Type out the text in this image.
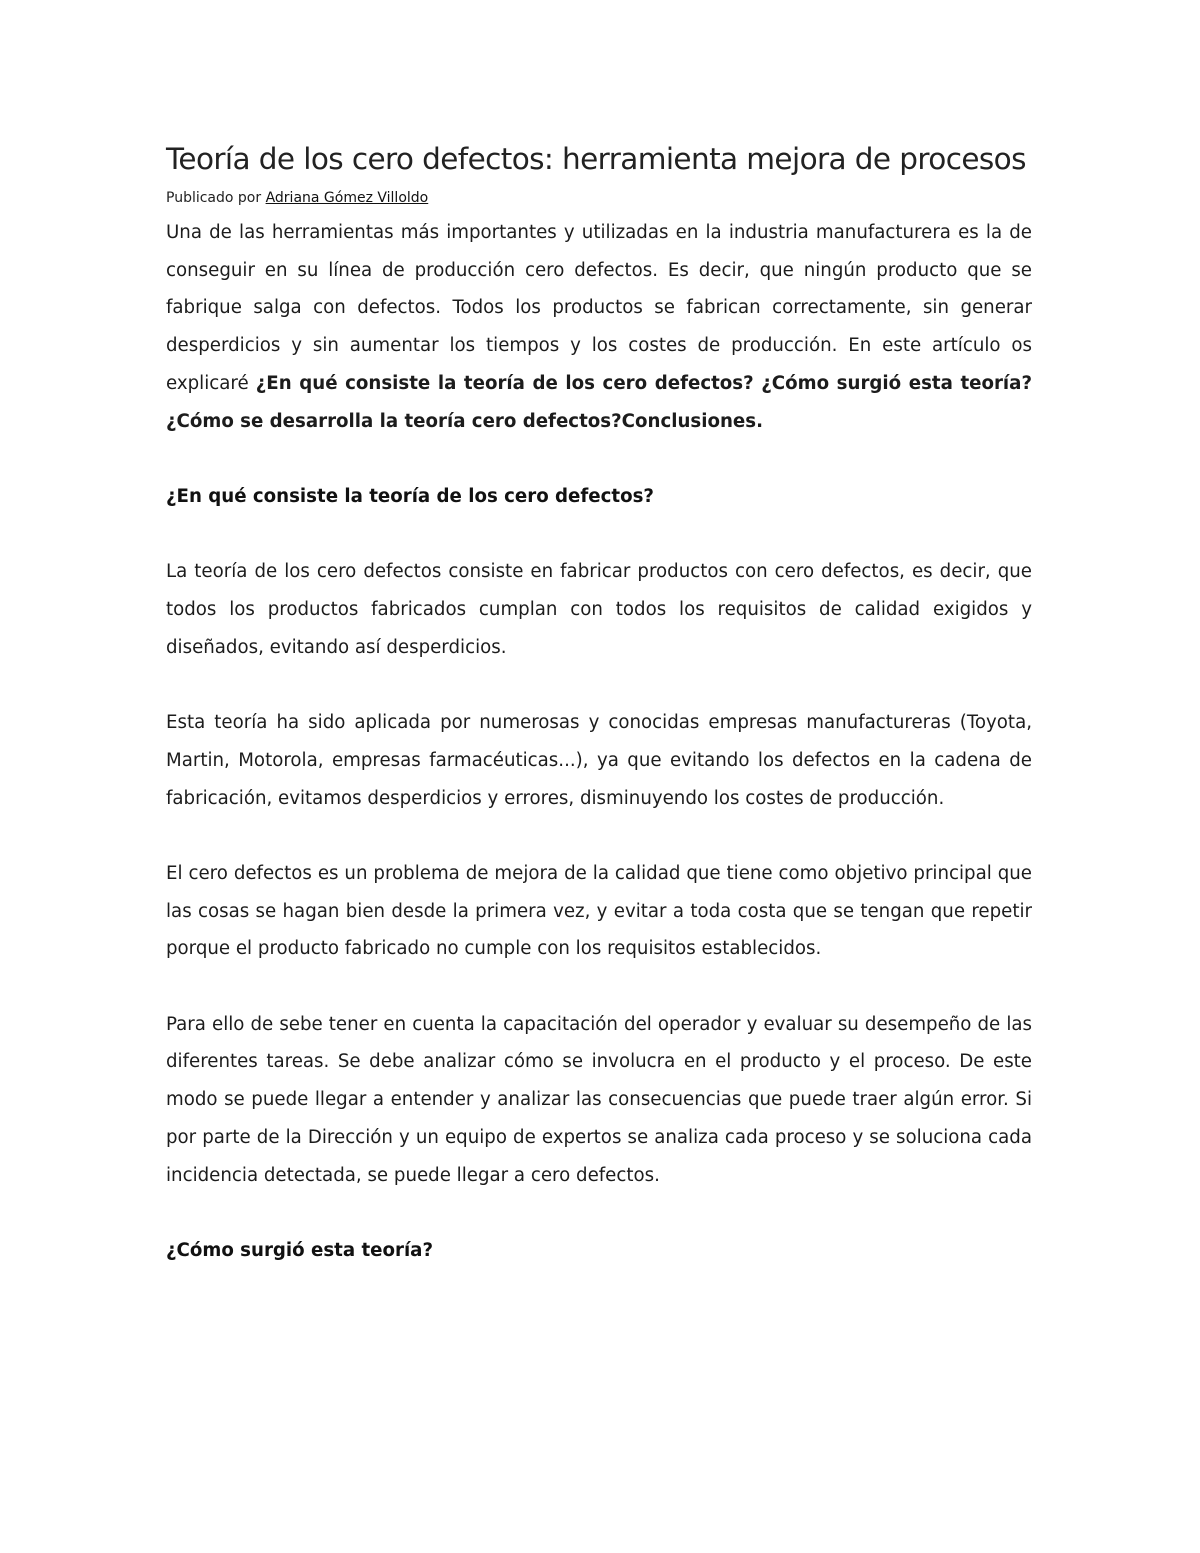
Teoría de los cero defectos: herramienta mejora de procesos
Publicado por Adriana Gómez Villoldo

Una de las herramientas más importantes y utilizadas en la industria manufacturera es la de conseguir en su línea de producción cero defectos. Es decir, que ningún producto que se fabrique salga con defectos. Todos los productos se fabrican correctamente, sin generar desperdicios y sin aumentar los tiempos y los costes de producción. En este artículo os explicaré ¿En qué consiste la teoría de los cero defectos? ¿Cómo surgió esta teoría? ¿Cómo se desarrolla la teoría cero defectos?Conclusiones.

¿En qué consiste la teoría de los cero defectos?

La teoría de los cero defectos consiste en fabricar productos con cero defectos, es decir, que todos los productos fabricados cumplan con todos los requisitos de calidad exigidos y diseñados, evitando así desperdicios.

Esta teoría ha sido aplicada por numerosas y conocidas empresas manufactureras (Toyota, Martin, Motorola, empresas farmacéuticas...), ya que evitando los defectos en la cadena de fabricación, evitamos desperdicios y errores, disminuyendo los costes de producción.

El cero defectos es un problema de mejora de la calidad que tiene como objetivo principal que las cosas se hagan bien desde la primera vez, y evitar a toda costa que se tengan que repetir porque el producto fabricado no cumple con los requisitos establecidos.

Para ello de sebe tener en cuenta la capacitación del operador y evaluar su desempeño de las diferentes tareas. Se debe analizar cómo se involucra en el producto y el proceso. De este modo se puede llegar a entender y analizar las consecuencias que puede traer algún error. Si por parte de la Dirección y un equipo de expertos se analiza cada proceso y se soluciona cada incidencia detectada, se puede llegar a cero defectos.

¿Cómo surgió esta teoría?
